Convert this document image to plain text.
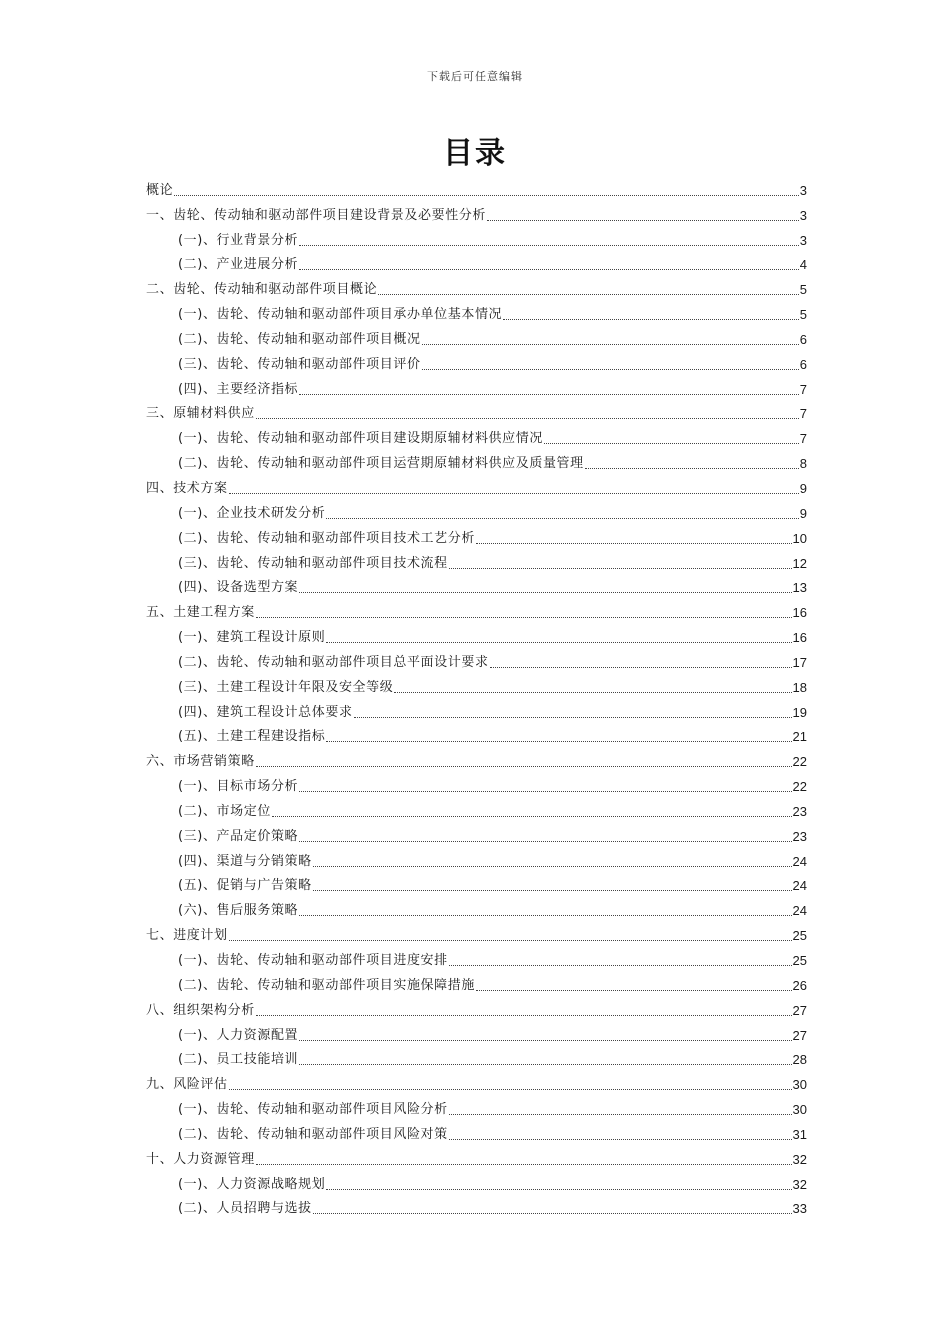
下载后可任意编辑
目录
概论	3
一、齿轮、传动轴和驱动部件项目建设背景及必要性分析	3
(一)、行业背景分析	3
(二)、产业进展分析	4
二、齿轮、传动轴和驱动部件项目概论	5
(一)、齿轮、传动轴和驱动部件项目承办单位基本情况	5
(二)、齿轮、传动轴和驱动部件项目概况	6
(三)、齿轮、传动轴和驱动部件项目评价	6
(四)、主要经济指标	7
三、原辅材料供应	7
(一)、齿轮、传动轴和驱动部件项目建设期原辅材料供应情况	7
(二)、齿轮、传动轴和驱动部件项目运营期原辅材料供应及质量管理	8
四、技术方案	9
(一)、企业技术研发分析	9
(二)、齿轮、传动轴和驱动部件项目技术工艺分析	10
(三)、齿轮、传动轴和驱动部件项目技术流程	12
(四)、设备选型方案	13
五、土建工程方案	16
(一)、建筑工程设计原则	16
(二)、齿轮、传动轴和驱动部件项目总平面设计要求	17
(三)、土建工程设计年限及安全等级	18
(四)、建筑工程设计总体要求	19
(五)、土建工程建设指标	21
六、市场营销策略	22
(一)、目标市场分析	22
(二)、市场定位	23
(三)、产品定价策略	23
(四)、渠道与分销策略	24
(五)、促销与广告策略	24
(六)、售后服务策略	24
七、进度计划	25
(一)、齿轮、传动轴和驱动部件项目进度安排	25
(二)、齿轮、传动轴和驱动部件项目实施保障措施	26
八、组织架构分析	27
(一)、人力资源配置	27
(二)、员工技能培训	28
九、风险评估	30
(一)、齿轮、传动轴和驱动部件项目风险分析	30
(二)、齿轮、传动轴和驱动部件项目风险对策	31
十、人力资源管理	32
(一)、人力资源战略规划	32
(二)、人员招聘与选拔	33
